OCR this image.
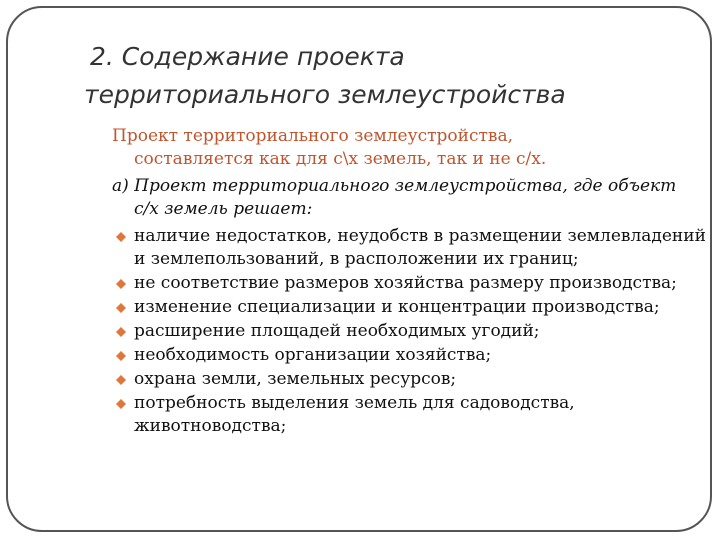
2. Содержание проекта
территориального землеустройства
Проект территориального землеустройства,
составляется как для с\х земель, так и не с/х.
а) Проект территориального землеустройства, где объект
с/х земель решает:
наличие недостатков, неудобств в размещении землевладений и землепользований, в расположении их границ;
не соответствие размеров хозяйства размеру производства;
изменение специализации и концентрации производства;
расширение площадей необходимых угодий;
необходимость организации хозяйства;
охрана земли, земельных ресурсов;
потребность выделения земель для садоводства, животноводства;
